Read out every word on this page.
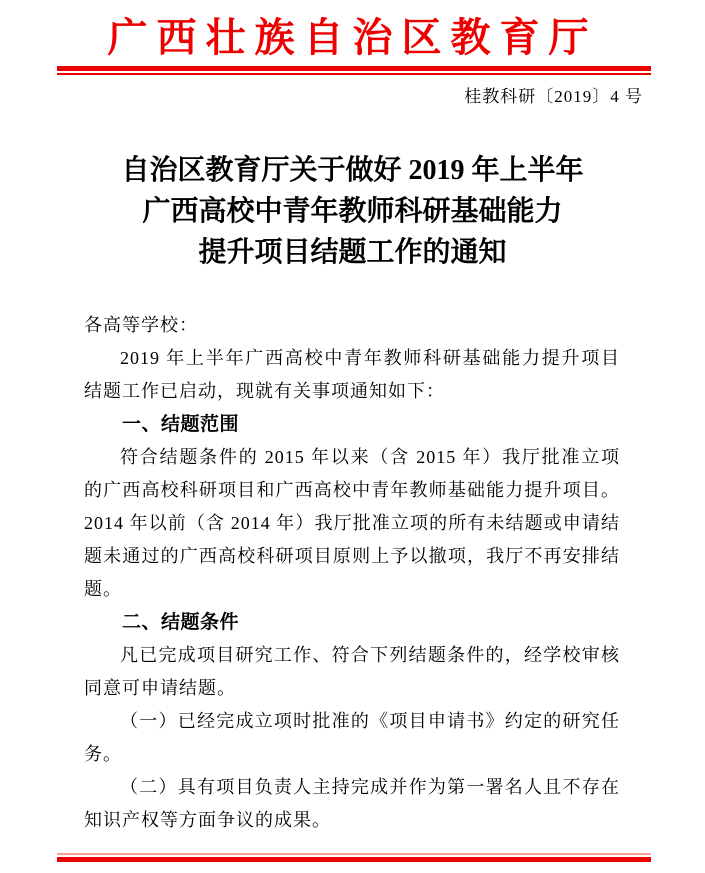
广西壮族自治区教育厅
桂教科研〔2019〕4 号
自治区教育厅关于做好 2019 年上半年
广西高校中青年教师科研基础能力
提升项目结题工作的通知

各高等学校：

2019 年上半年广西高校中青年教师科研基础能力提升项目结题工作已启动，现就有关事项通知如下：

一、结题范围

符合结题条件的 2015 年以来（含 2015 年）我厅批准立项的广西高校科研项目和广西高校中青年教师基础能力提升项目。2014 年以前（含 2014 年）我厅批准立项的所有未结题或申请结题未通过的广西高校科研项目原则上予以撤项，我厅不再安排结题。

二、结题条件

凡已完成项目研究工作、符合下列结题条件的，经学校审核同意可申请结题。

（一）已经完成立项时批准的《项目申请书》约定的研究任务。

（二）具有项目负责人主持完成并作为第一署名人且不存在知识产权等方面争议的成果。
